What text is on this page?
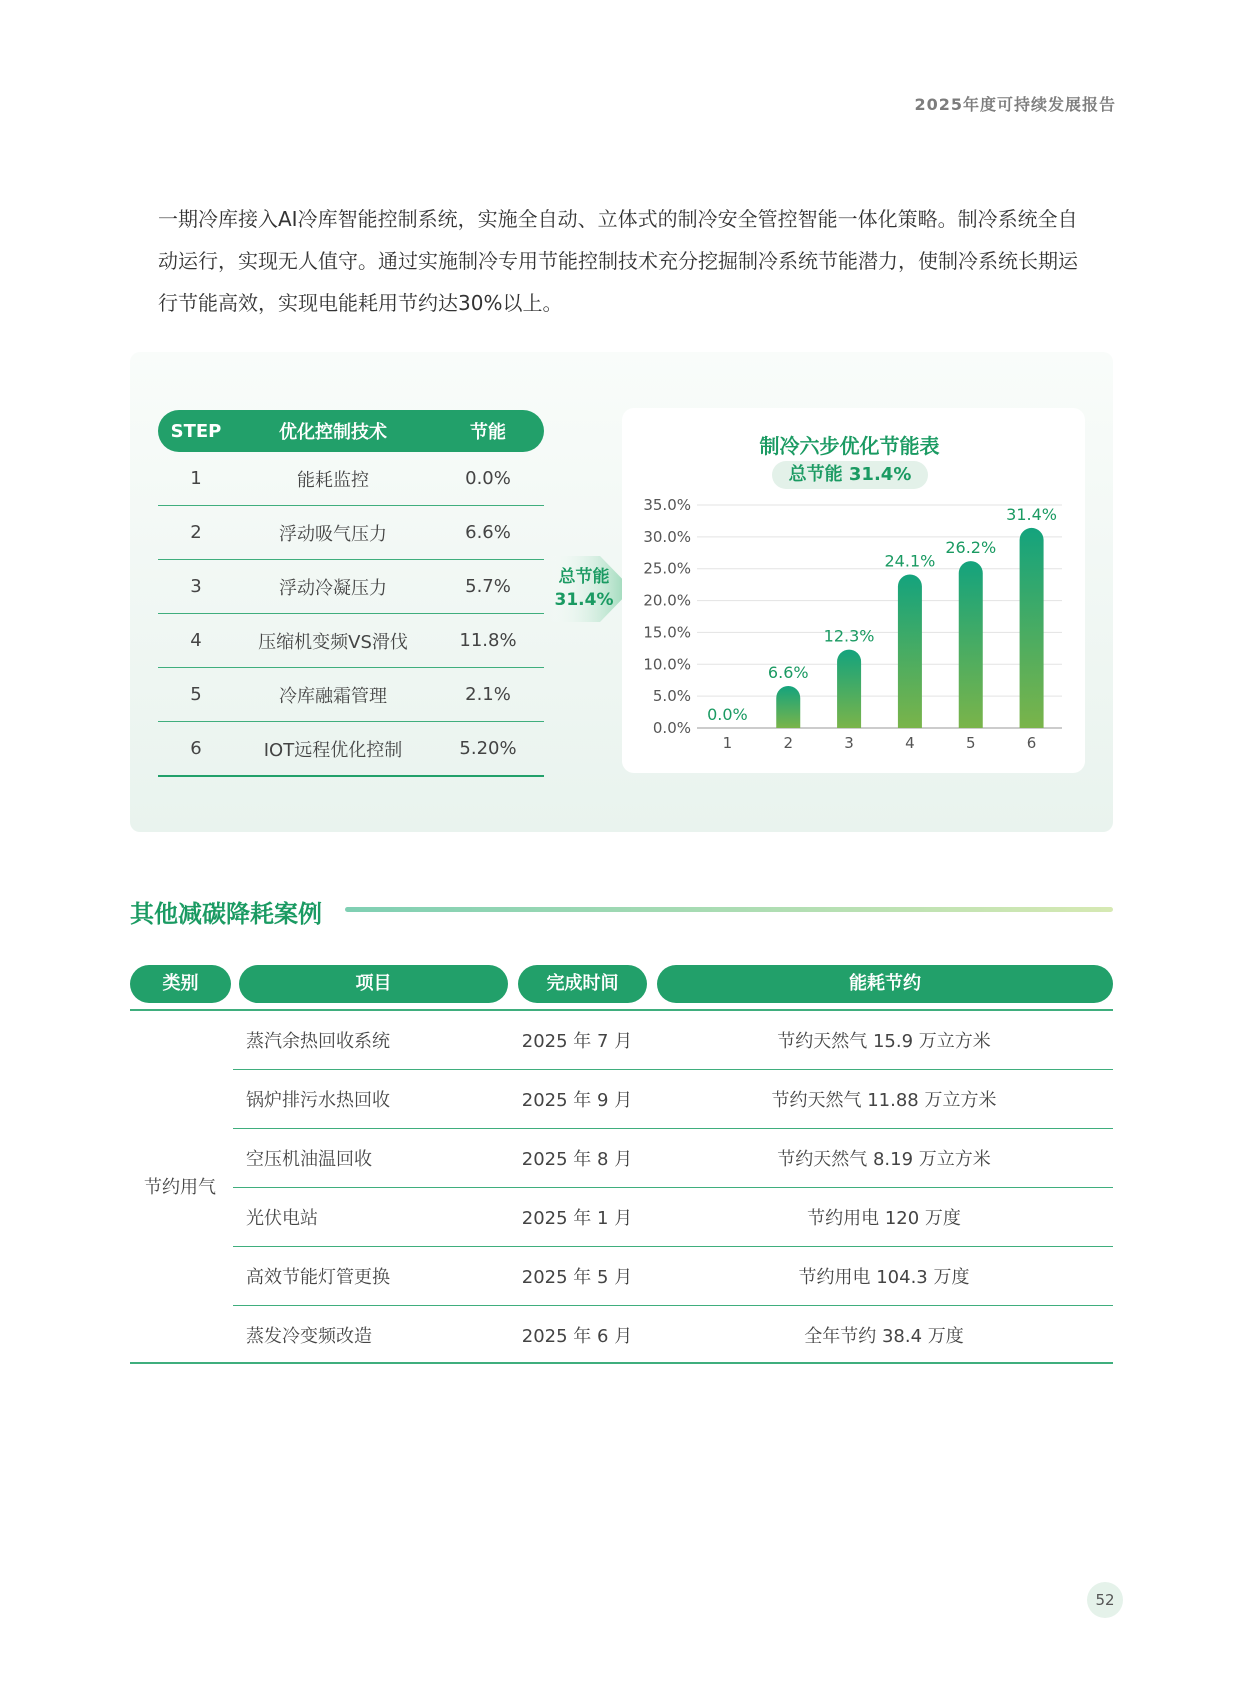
2025年度可持续发展报告
一期冷库接入AI冷库智能控制系统，实施全自动、立体式的制冷安全管控智能一体化策略。制冷系统全自动运行，实现无人值守。通过实施制冷专用节能控制技术充分挖掘制冷系统节能潜力，使制冷系统长期运行节能高效，实现电能耗用节约达30%以上。
STEP	优化控制技术	节能
1	能耗监控	0.0%
2	浮动吸气压力	6.6%
3	浮动冷凝压力	5.7%
4	压缩机变频VS滑伐	11.8%
5	冷库融霜管理	2.1%
6	IOT远程优化控制	5.20%
总节能
31.4%
制冷六步优化节能表
总节能 31.4%
0.0%
5.0%
10.0%
15.0%
20.0%
25.0%
30.0%
35.0%
0.0%
1
6.6%
2
12.3%
3
24.1%
4
26.2%
5
31.4%
6
其他减碳降耗案例
类别	项目	完成时间	能耗节约
节约用气
蒸汽余热回收系统	2025 年 7 月	节约天然气 15.9 万立方米
锅炉排污水热回收	2025 年 9 月	节约天然气 11.88 万立方米
空压机油温回收	2025 年 8 月	节约天然气 8.19 万立方米
光伏电站	2025 年 1 月	节约用电 120 万度
高效节能灯管更换	2025 年 5 月	节约用电 104.3 万度
蒸发冷变频改造	2025 年 6 月	全年节约 38.4 万度
52
